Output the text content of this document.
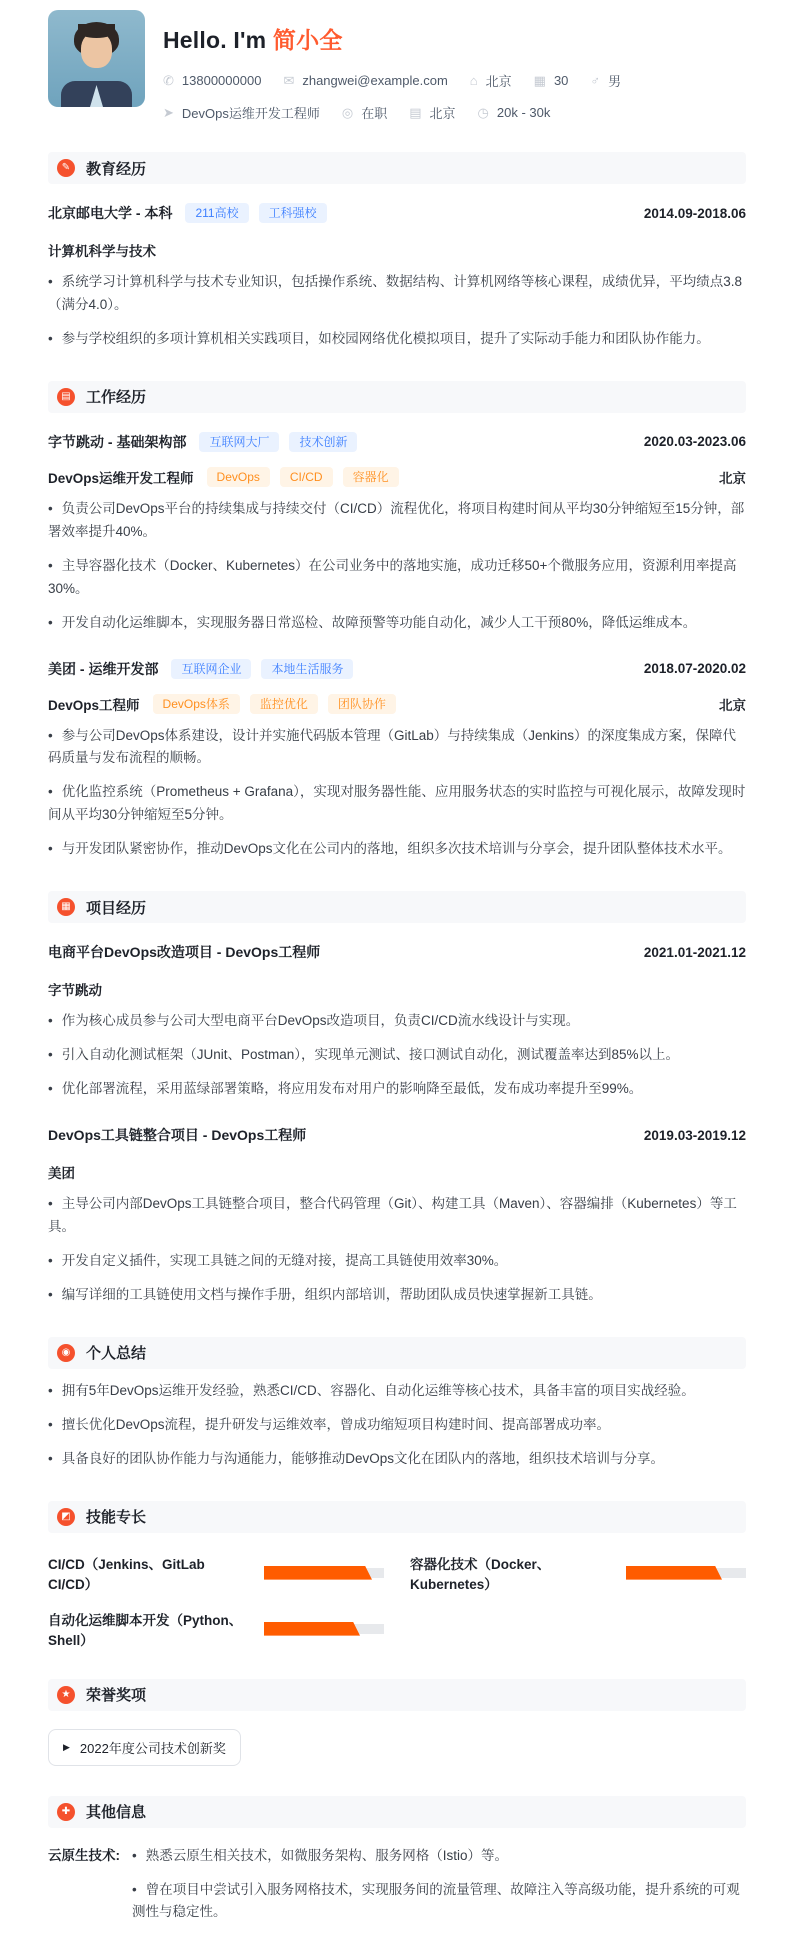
Hello. I'm 简小全
✆ 13800000000 ✉ zhangwei@example.com ⌂ 北京 ▦ 30 ♂ 男
➤ DevOps运维开发工程师 ◎ 在职 ▤ 北京 ◷ 20k - 30k
✎	教育经历
北京邮电大学 - 本科	211高校	工科强校	2014.09-2018.06
计算机科学与技术

• 系统学习计算机科学与技术专业知识，包括操作系统、数据结构、计算机网络等核心课程，成绩优异，平均绩点3.8（满分4.0）。

• 参与学校组织的多项计算机相关实践项目，如校园网络优化模拟项目，提升了实际动手能力和团队协作能力。

▤ 工作经历
字节跳动 - 基础架构部	互联网大厂	技术创新	2020.03-2023.06
DevOps运维开发工程师	DevOps	CI/CD	容器化	北京

• 负责公司DevOps平台的持续集成与持续交付（CI/CD）流程优化，将项目构建时间从平均30分钟缩短至15分钟，部署效率提升40%。

• 主导容器化技术（Docker、Kubernetes）在公司业务中的落地实施，成功迁移50+个微服务应用，资源利用率提高30%。

• 开发自动化运维脚本，实现服务器日常巡检、故障预警等功能自动化，减少人工干预80%，降低运维成本。

美团 - 运维开发部	互联网企业	本地生活服务	2018.07-2020.02
DevOps工程师	DevOps体系	监控优化	团队协作	北京

• 参与公司DevOps体系建设，设计并实施代码版本管理（GitLab）与持续集成（Jenkins）的深度集成方案，保障代码质量与发布流程的顺畅。

• 优化监控系统（Prometheus + Grafana），实现对服务器性能、应用服务状态的实时监控与可视化展示，故障发现时间从平均30分钟缩短至5分钟。

• 与开发团队紧密协作，推动DevOps文化在公司内的落地，组织多次技术培训与分享会，提升团队整体技术水平。

▦ 项目经历
电商平台DevOps改造项目 - DevOps工程师	2021.01-2021.12
字节跳动

• 作为核心成员参与公司大型电商平台DevOps改造项目，负责CI/CD流水线设计与实现。

• 引入自动化测试框架（JUnit、Postman），实现单元测试、接口测试自动化，测试覆盖率达到85%以上。

• 优化部署流程，采用蓝绿部署策略，将应用发布对用户的影响降至最低，发布成功率提升至99%。

DevOps工具链整合项目 - DevOps工程师	2019.03-2019.12
美团

• 主导公司内部DevOps工具链整合项目，整合代码管理（Git）、构建工具（Maven）、容器编排（Kubernetes）等工具。

• 开发自定义插件，实现工具链之间的无缝对接，提高工具链使用效率30%。

• 编写详细的工具链使用文档与操作手册，组织内部培训，帮助团队成员快速掌握新工具链。

◉	个人总结

• 拥有5年DevOps运维开发经验，熟悉CI/CD、容器化、自动化运维等核心技术，具备丰富的项目实战经验。

• 擅长优化DevOps流程，提升研发与运维效率，曾成功缩短项目构建时间、提高部署成功率。

• 具备良好的团队协作能力与沟通能力，能够推动DevOps文化在团队内的落地，组织技术培训与分享。

◩ 技能专长
CI/CD（Jenkins、GitLab CI/CD）
容器化技术（Docker、Kubernetes）
自动化运维脚本开发（Python、Shell）
★	荣誉奖项
▶ 2022年度公司技术创新奖
✚	其他信息
云原生技术: • 熟悉云原生相关技术，如微服务架构、服务网格（Istio）等。

• 曾在项目中尝试引入服务网格技术，实现服务间的流量管理、故障注入等高级功能，提升系统的可观测性与稳定性。
